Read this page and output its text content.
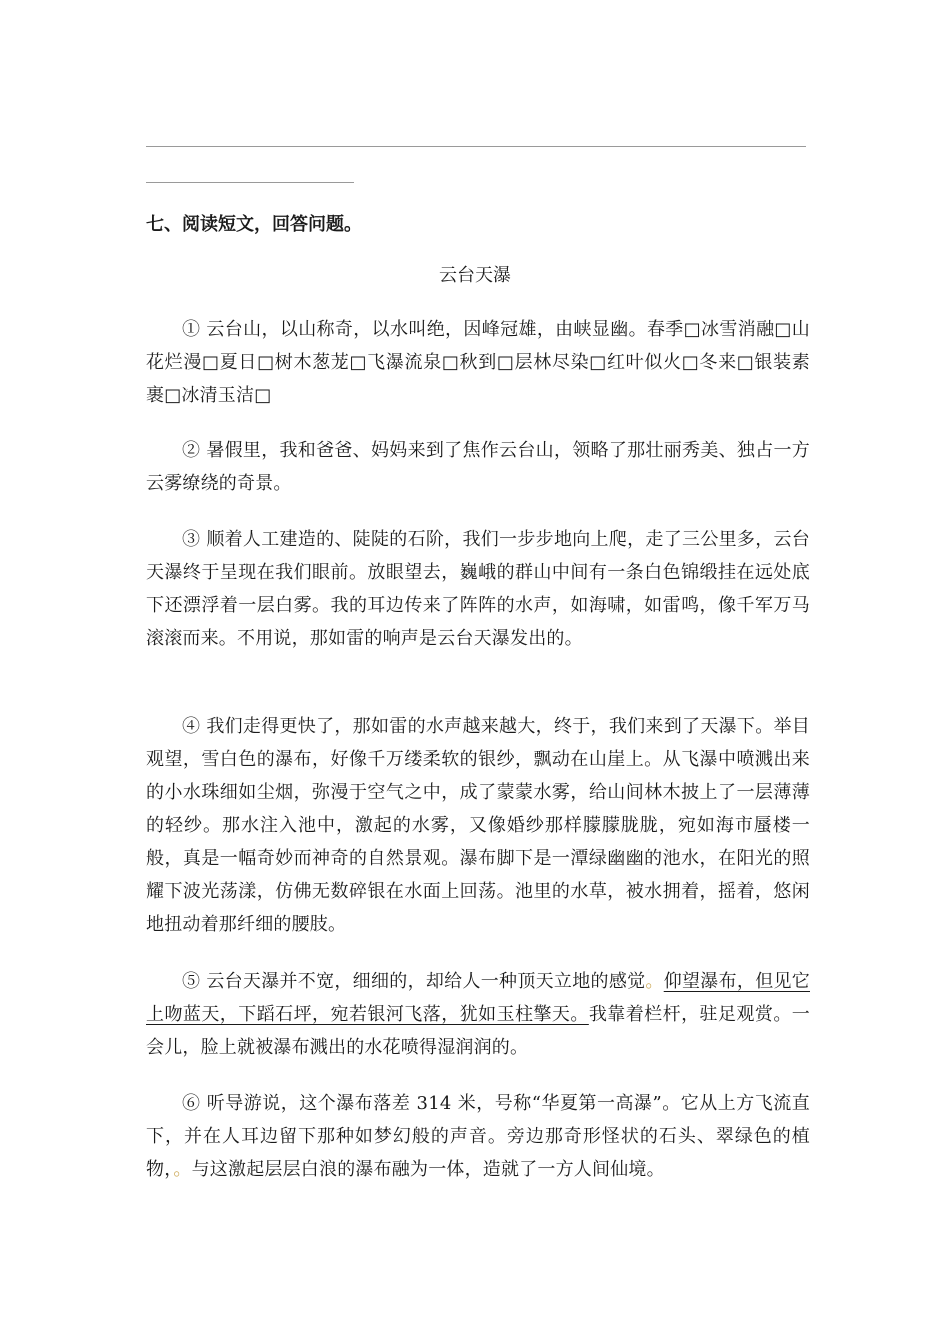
七、阅读短文，回答问题。
云台天瀑

① 云台山，以山称奇，以水叫绝，因峰冠雄，由峡显幽。春季□冰雪消融□山花烂漫□夏日□树木葱茏□飞瀑流泉□秋到□层林尽染□红叶似火□冬来□银装素裹□冰清玉洁□

② 暑假里，我和爸爸、妈妈来到了焦作云台山，领略了那壮丽秀美、独占一方云雾缭绕的奇景。

③ 顺着人工建造的、陡陡的石阶，我们一步步地向上爬，走了三公里多，云台天瀑终于呈现在我们眼前。放眼望去，巍峨的群山中间有一条白色锦缎挂在远处底下还漂浮着一层白雾。我的耳边传来了阵阵的水声，如海啸，如雷鸣，像千军万马滚滚而来。不用说，那如雷的响声是云台天瀑发出的。

④ 我们走得更快了，那如雷的水声越来越大，终于，我们来到了天瀑下。举目观望，雪白色的瀑布，好像千万缕柔软的银纱，飘动在山崖上。从飞瀑中喷溅出来的小水珠细如尘烟，弥漫于空气之中，成了蒙蒙水雾，给山间林木披上了一层薄薄的轻纱。那水注入池中，激起的水雾，又像婚纱那样朦朦胧胧，宛如海市蜃楼一般，真是一幅奇妙而神奇的自然景观。瀑布脚下是一潭绿幽幽的池水，在阳光的照耀下波光荡漾，仿佛无数碎银在水面上回荡。池里的水草，被水拥着，摇着，悠闲地扭动着那纤细的腰肢。

⑤ 云台天瀑并不宽，细细的，却给人一种顶天立地的感觉。仰望瀑布，但见它上吻蓝天，下蹈石坪，宛若银河飞落，犹如玉柱擎天。我靠着栏杆，驻足观赏。一会儿，脸上就被瀑布溅出的水花喷得湿润润的。

⑥ 听导游说，这个瀑布落差 314 米，号称“华夏第一高瀑”。它从上方飞流直下，并在人耳边留下那种如梦幻般的声音。旁边那奇形怪状的石头、翠绿色的植物，。与这激起层层白浪的瀑布融为一体，造就了一方人间仙境。
